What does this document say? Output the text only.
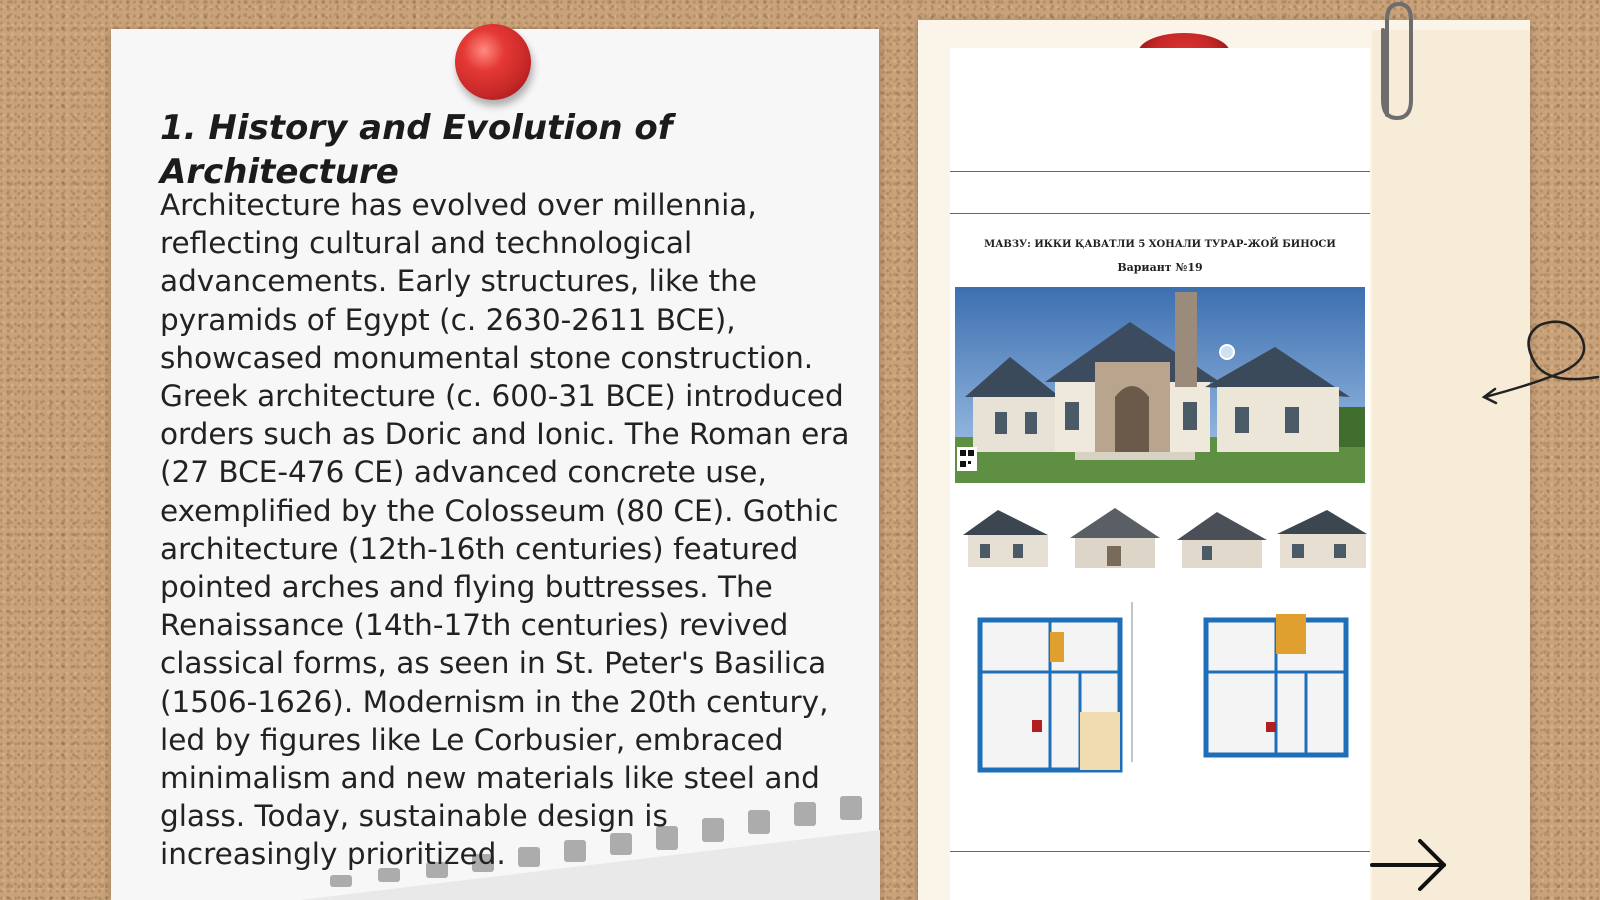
1. History and Evolution of Architecture
Architecture has evolved over millennia, reflecting cultural and technological advancements. Early structures, like the pyramids of Egypt (c. 2630-2611 BCE), showcased monumental stone construction. Greek architecture (c. 600-31 BCE) introduced orders such as Doric and Ionic. The Roman era (27 BCE-476 CE) advanced concrete use, exemplified by the Colosseum (80 CE). Gothic architecture (12th-16th centuries) featured pointed arches and flying buttresses. The Renaissance (14th-17th centuries) revived classical forms, as seen in St. Peter's Basilica (1506-1626). Modernism in the 20th century, led by figures like Le Corbusier, embraced minimalism and new materials like steel and glass. Today, sustainable design is increasingly prioritized.
МАВЗУ: ИККИ ҚАВАТЛИ 5 ХОНАЛИ ТУРАР-ЖОЙ БИНОСИ
Вариант №19
